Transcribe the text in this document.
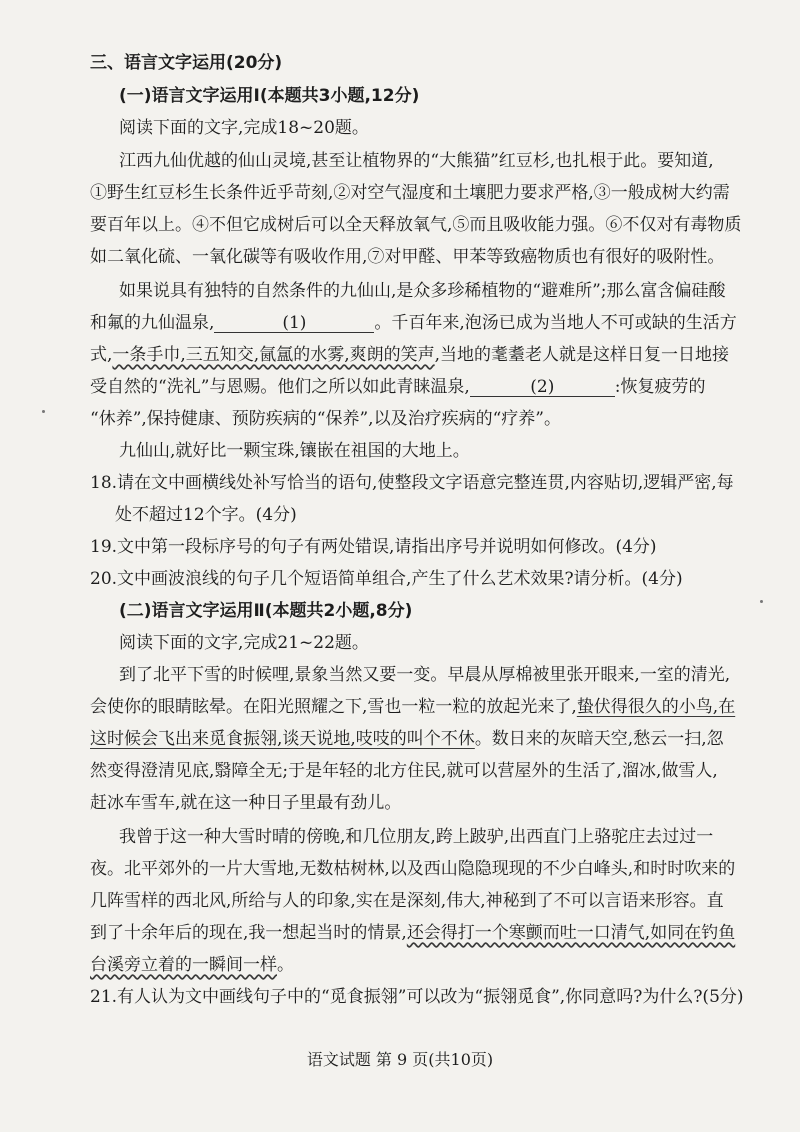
三、语言文字运用(20分)
(一)语言文字运用Ⅰ(本题共3小题,12分)
阅读下面的文字,完成18~20题。
江西九仙优越的仙山灵境,甚至让植物界的“大熊猫”红豆杉,也扎根于此。要知道,
①野生红豆杉生长条件近乎苛刻,②对空气湿度和土壤肥力要求严格,③一般成树大约需
要百年以上。④不但它成树后可以全天释放氧气,⑤而且吸收能力强。⑥不仅对有毒物质
如二氧化硫、一氧化碳等有吸收作用,⑦对甲醛、甲苯等致癌物质也有很好的吸附性。
如果说具有独特的自然条件的九仙山,是众多珍稀植物的“避难所”;那么富含偏硅酸
和氟的九仙温泉,	(1)	。千百年来,泡汤已成为当地人不可或缺的生活方
式,一条手巾,三五知交,氤氲的水雾,爽朗的笑声,当地的耄耋老人就是这样日复一日地接
受自然的“洗礼”与恩赐。他们之所以如此青睐温泉,	(2)	:恢复疲劳的
“休养”,保持健康、预防疾病的“保养”,以及治疗疾病的“疗养”。
九仙山,就好比一颗宝珠,镶嵌在祖国的大地上。
18.请在文中画横线处补写恰当的语句,使整段文字语意完整连贯,内容贴切,逻辑严密,每
处不超过12个字。(4分)
19.文中第一段标序号的句子有两处错误,请指出序号并说明如何修改。(4分)
20.文中画波浪线的句子几个短语简单组合,产生了什么艺术效果?请分析。(4分)
(二)语言文字运用Ⅱ(本题共2小题,8分)
阅读下面的文字,完成21~22题。
到了北平下雪的时候哩,景象当然又要一变。早晨从厚棉被里张开眼来,一室的清光,
会使你的眼睛眩晕。在阳光照耀之下,雪也一粒一粒的放起光来了,蛰伏得很久的小鸟,在
这时候会飞出来觅食振翎,谈天说地,吱吱的叫个不休。数日来的灰暗天空,愁云一扫,忽
然变得澄清见底,翳障全无;于是年轻的北方住民,就可以营屋外的生活了,溜冰,做雪人,
赶冰车雪车,就在这一种日子里最有劲儿。
我曾于这一种大雪时晴的傍晚,和几位朋友,跨上跛驴,出西直门上骆驼庄去过过一
夜。北平郊外的一片大雪地,无数枯树林,以及西山隐隐现现的不少白峰头,和时时吹来的
几阵雪样的西北风,所给与人的印象,实在是深刻,伟大,神秘到了不可以言语来形容。直
到了十余年后的现在,我一想起当时的情景,还会得打一个寒颤而吐一口清气,如同在钓鱼
台溪旁立着的一瞬间一样。
21.有人认为文中画线句子中的“觅食振翎”可以改为“振翎觅食”,你同意吗?为什么?(5分)
语文试题 第 9 页(共10页)
